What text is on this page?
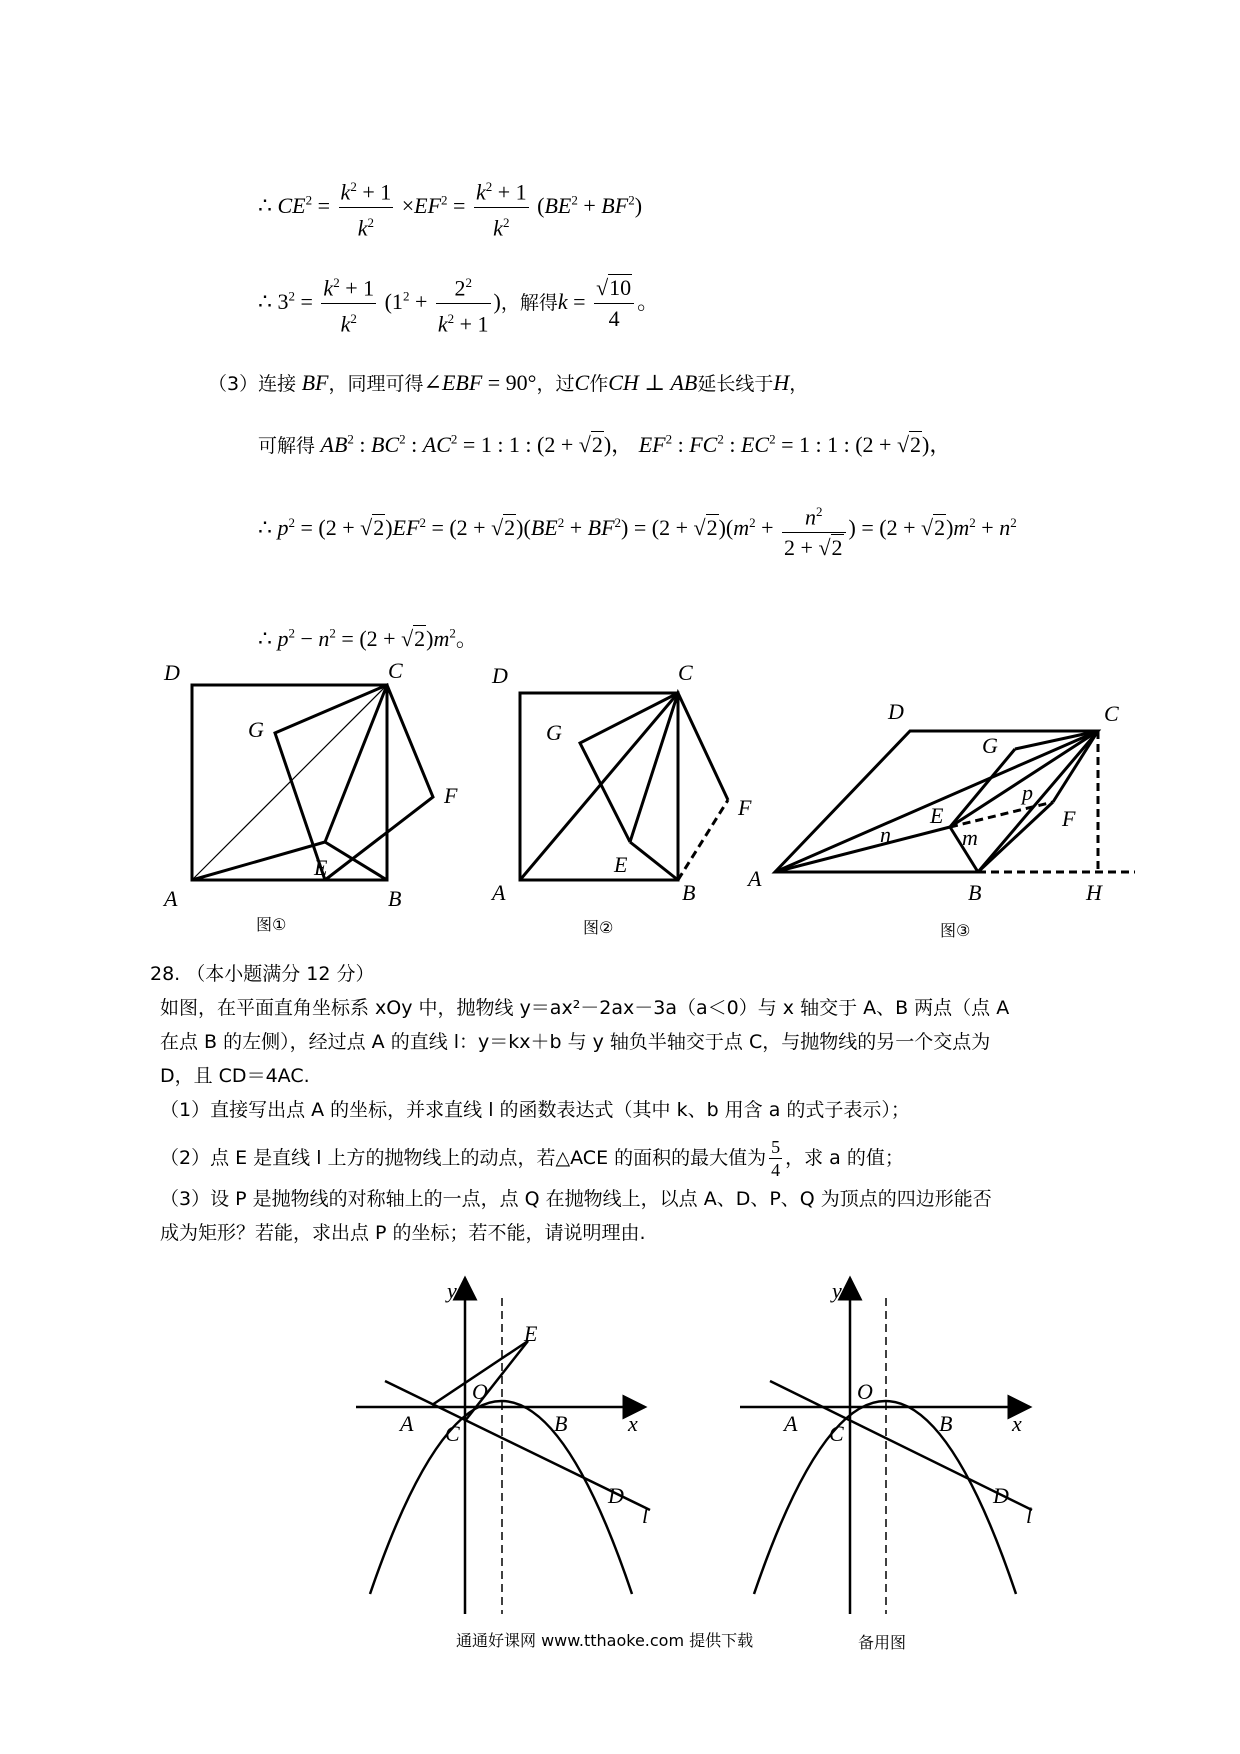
∴ $CE^2 = \frac{k^2 + 1}{k^2} \times EF^2 = \frac{k^2 + 1}{k^2} (BE^2 + BF^2)$
∴ $3^2 = \frac{k^2 + 1}{k^2} (1^2 + \frac{2^2}{k^2 + 1}$ )，解得$k = \frac{√10}{4}$ 。
（3）连接 BF，同理可得∠EBF = 90°，过C作CH ⊥ AB延长线于H，
可解得 $AB^2$ : $BC^2$ : $AC^2 = 1$ : 1 : (2 + √2)， $EF^2$ : $FC^2$ : $EC^2 = 1$ : 1 : (2 + √2)，
∴ $p^2 = (2 + √2)EF^2 = (2 + √2)(BE^2 + BF^2) = (2 + √2)(m^2 + \frac{n^2}{2 + √2}$ ) = $(2 + √2)m^2 + n^2$
∴ $p^2 - n^2 = (2 + √2)m^2$。
D	C
G
F
E
A	B
D	C
G
F
E
A	B
D	C
G
p
F
E
n	m
A
B	H
图①	图②	图③
28. （本小题满分 12 分）
如图，在平面直角坐标系 xOy 中，抛物线 y＝ax²－2ax－3a（a＜0）与 x 轴交于 A、B 两点（点 A
在点 B 的左侧），经过点 A 的直线 l：y＝kx＋b 与 y 轴负半轴交于点 C，与抛物线的另一个交点为
D，且 CD＝4AC.
（1）直接写出点 A 的坐标，并求直线 l 的函数表达式（其中 k、b 用含 a 的式子表示）；
（2）点 E 是直线 l 上方的抛物线上的动点，若△ACE 的面积的最大值为 $\frac{5}{4}$ ，求 a 的值；
（3）设 P 是抛物线的对称轴上的一点，点 Q 在抛物线上，以点 A、D、P、Q 为顶点的四边形能否
成为矩形？若能，求出点 P 的坐标；若不能，请说明理由.
y
x
O
E
A C	B
D
l
y
x
O
A C	B
D
l
通通好课网 www.tthaoke.com 提供下载	备用图
